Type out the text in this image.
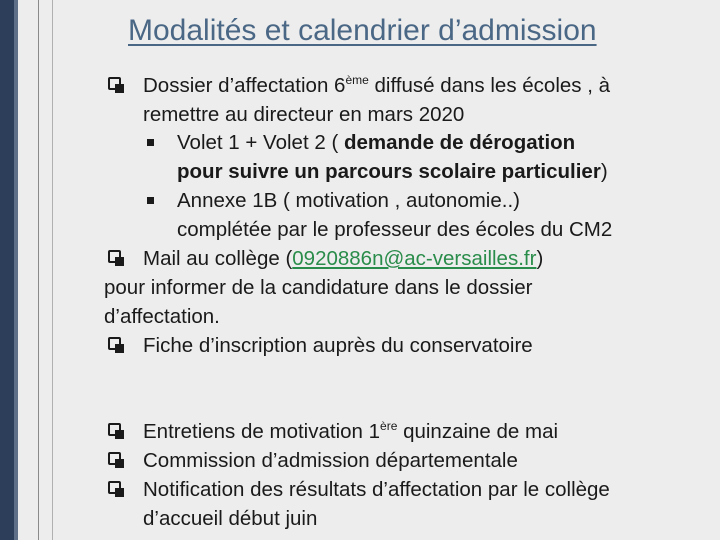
Modalités et calendrier d’admission
Dossier d’affectation 6ème diffusé dans les écoles , à
remettre au directeur en mars 2020
Volet 1 + Volet 2 ( demande de dérogation
pour suivre un parcours scolaire particulier)
Annexe 1B ( motivation , autonomie..)
complétée par le professeur des écoles du CM2
Mail au collège (0920886n@ac-versailles.fr)
pour informer de la candidature dans le dossier
d’affectation.
Fiche d’inscription auprès du conservatoire
Entretiens de motivation 1ère quinzaine de mai
Commission d’admission départementale
Notification des résultats d’affectation par le collège
d’accueil début juin
